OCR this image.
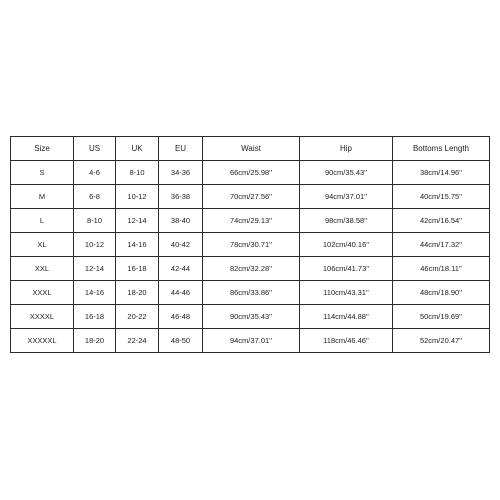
Size	US	UK	EU	Waist	Hip	Bottoms Length
S	4-6	8-10	34-36	66cm/25.98''	90cm/35.43''	38cm/14.96''
M	6-8	10-12	36-38	70cm/27.56''	94cm/37.01''	40cm/15.75''
L	8-10	12-14	38-40	74cm/29.13''	98cm/38.58''	42cm/16.54''
XL	10-12	14-16	40-42	78cm/30.71''	102cm/40.16''	44cm/17.32''
XXL	12-14	16-18	42-44	82cm/32.28''	106cm/41.73''	46cm/18.11''
XXXL	14-16	18-20	44-46	86cm/33.86''	110cm/43.31''	48cm/18.90''
XXXXL	16-18	20-22	46-48	90cm/35.43''	114cm/44.88''	50cm/19.69''
XXXXXL	18-20	22-24	48-50	94cm/37.01''	118cm/46.46''	52cm/20.47''
